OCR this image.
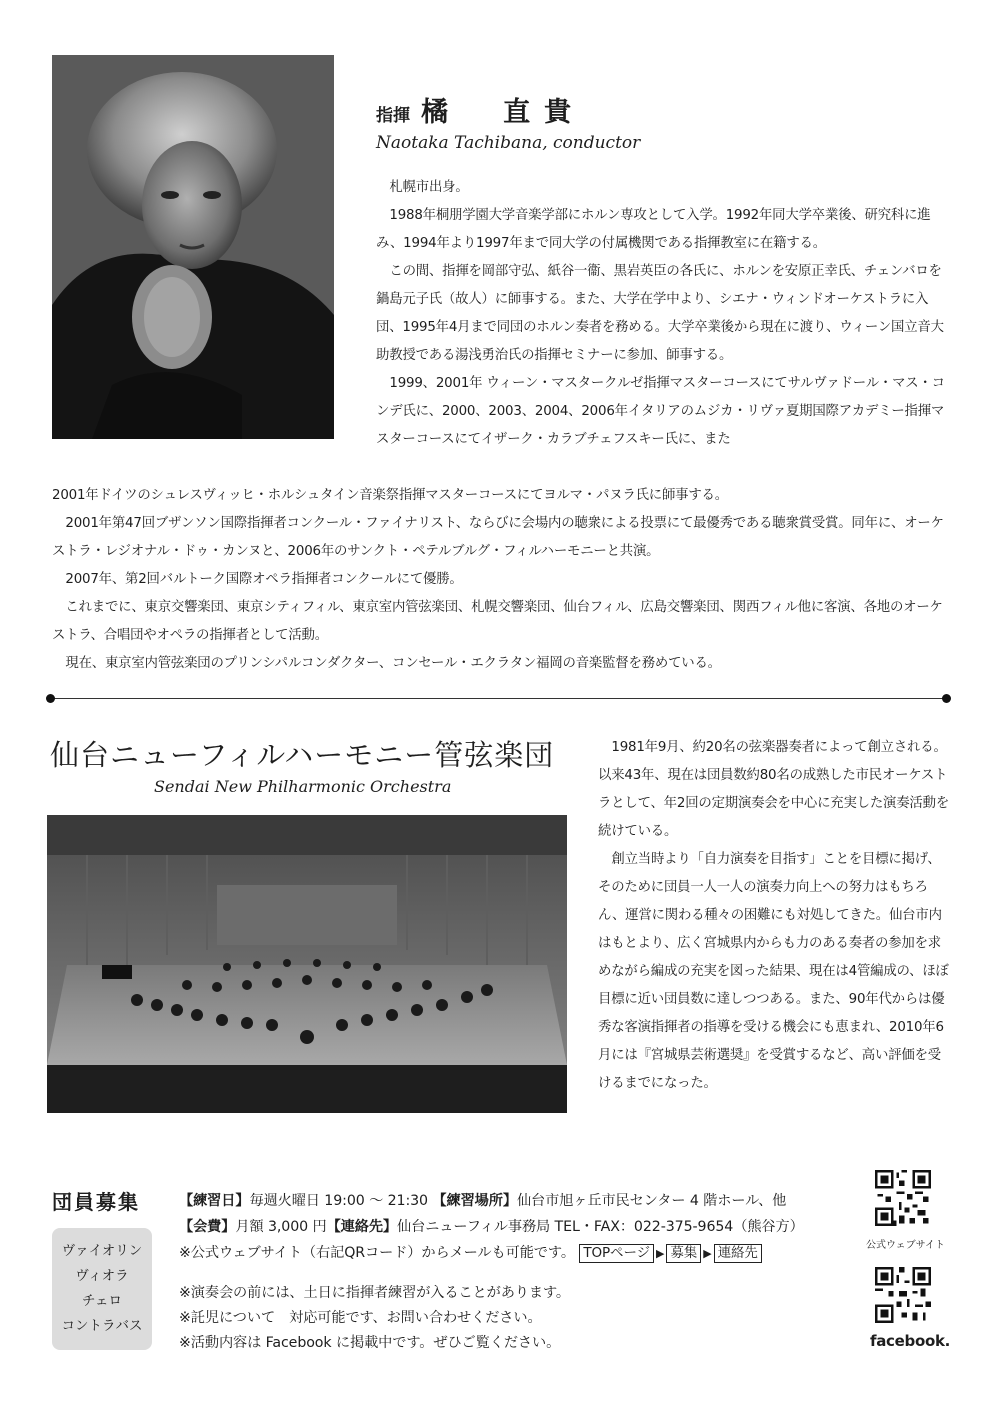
指揮 橘　直貴
Naotaka Tachibana, conductor

札幌市出身。

1988年桐朋学園大学音楽学部にホルン専攻として入学。1992年同大学卒業後、研究科に進み、1994年より1997年まで同大学の付属機関である指揮教室に在籍する。

この間、指揮を岡部守弘、紙谷一衞、黒岩英臣の各氏に、ホルンを安原正幸氏、チェンバロを鍋島元子氏（故人）に師事する。また、大学在学中より、シエナ・ウィンドオーケストラに入団、1995年4月まで同団のホルン奏者を務める。大学卒業後から現在に渡り、ウィーン国立音大助教授である湯浅勇治氏の指揮セミナーに参加、師事する。

1999、2001年 ウィーン・マスタークルゼ指揮マスターコースにてサルヴァドール・マス・コンデ氏に、2000、2003、2004、2006年イタリアのムジカ・リヴァ夏期国際アカデミー指揮マスターコースにてイザーク・カラブチェフスキー氏に、また

2001年ドイツのシュレスヴィッヒ・ホルシュタイン音楽祭指揮マスターコースにてヨルマ・パヌラ氏に師事する。

2001年第47回ブザンソン国際指揮者コンクール・ファイナリスト、ならびに会場内の聴衆による投票にて最優秀である聴衆賞受賞。同年に、オーケストラ・レジオナル・ドゥ・カンヌと、2006年のサンクト・ペテルブルグ・フィルハーモニーと共演。

2007年、第2回バルトーク国際オペラ指揮者コンクールにて優勝。

これまでに、東京交響楽団、東京シティフィル、東京室内管弦楽団、札幌交響楽団、仙台フィル、広島交響楽団、関西フィル他に客演、各地のオーケストラ、合唱団やオペラの指揮者として活動。

現在、東京室内管弦楽団のプリンシパルコンダクター、コンセール・エクラタン福岡の音楽監督を務めている。

仙台ニューフィルハーモニー管弦楽団
Sendai New Philharmonic Orchestra

1981年9月、約20名の弦楽器奏者によって創立される。以来43年、現在は団員数約80名の成熟した市民オーケストラとして、年2回の定期演奏会を中心に充実した演奏活動を続けている。

創立当時より「自力演奏を目指す」ことを目標に掲げ、そのために団員一人一人の演奏力向上への努力はもちろん、運営に関わる種々の困難にも対処してきた。仙台市内はもとより、広く宮城県内からも力のある奏者の参加を求めながら編成の充実を図った結果、現在は4管編成の、ほぼ目標に近い団員数に達しつつある。また、90年代からは優秀な客演指揮者の指導を受ける機会にも恵まれ、2010年6月には『宮城県芸術選奨』を受賞するなど、高い評価を受けるまでになった。

団員募集
ヴァイオリン
ヴィオラ
チェロ
コントラバス
【練習日】毎週火曜日 19:00 ～ 21:30 【練習場所】仙台市旭ヶ丘市民センター 4 階ホール、他
【会費】月額 3,000 円【連絡先】仙台ニューフィル事務局 TEL・FAX：022-375-9654（熊谷方）
※公式ウェブサイト（右記QRコード）からメールも可能です。 TOPページ ▶ 募集 ▶ 連絡先
※演奏会の前には、土日に指揮者練習が入ることがあります。
※託児について　対応可能です、お問い合わせください。
※活動内容は Facebook に掲載中です。ぜひご覧ください。
公式ウェブサイト
facebook.
